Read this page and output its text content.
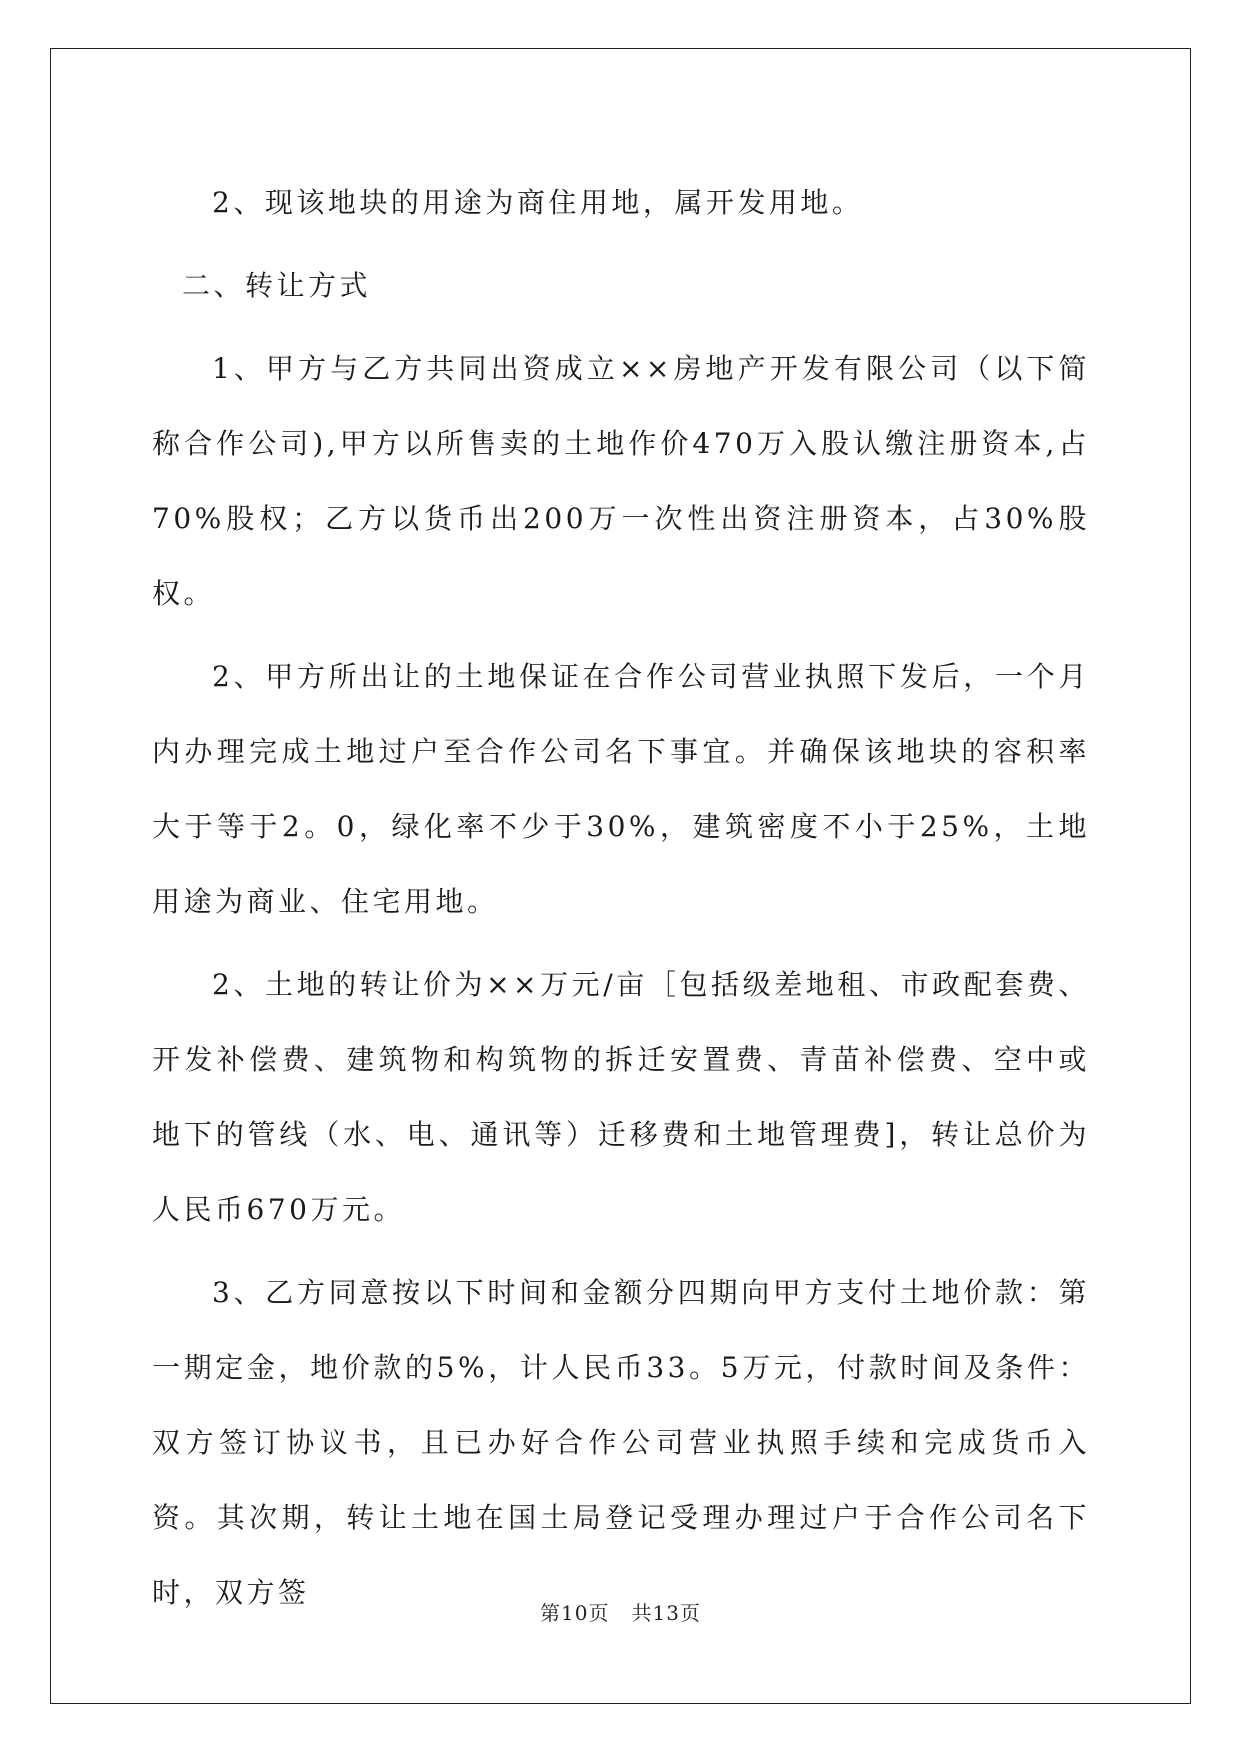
2、现该地块的用途为商住用地，属开发用地。

二、转让方式

1、甲方与乙方共同出资成立××房地产开发有限公司（以下简称合作公司),甲方以所售卖的土地作价470万入股认缴注册资本,占70%股权；乙方以货币出200万一次性出资注册资本，占30%股权。

2、甲方所出让的土地保证在合作公司营业执照下发后，一个月内办理完成土地过户至合作公司名下事宜。并确保该地块的容积率大于等于2。0，绿化率不少于30%，建筑密度不小于25%，土地用途为商业、住宅用地。

2、土地的转让价为××万元/亩［包括级差地租、市政配套费、开发补偿费、建筑物和构筑物的拆迁安置费、青苗补偿费、空中或地下的管线（水、电、通讯等）迁移费和土地管理费]，转让总价为人民币670万元。

3、乙方同意按以下时间和金额分四期向甲方支付土地价款：第一期定金，地价款的5%，计人民币33。5万元，付款时间及条件：双方签订协议书，且已办好合作公司营业执照手续和完成货币入资。其次期，转让土地在国土局登记受理办理过户于合作公司名下时，双方签

第10页 共13页
